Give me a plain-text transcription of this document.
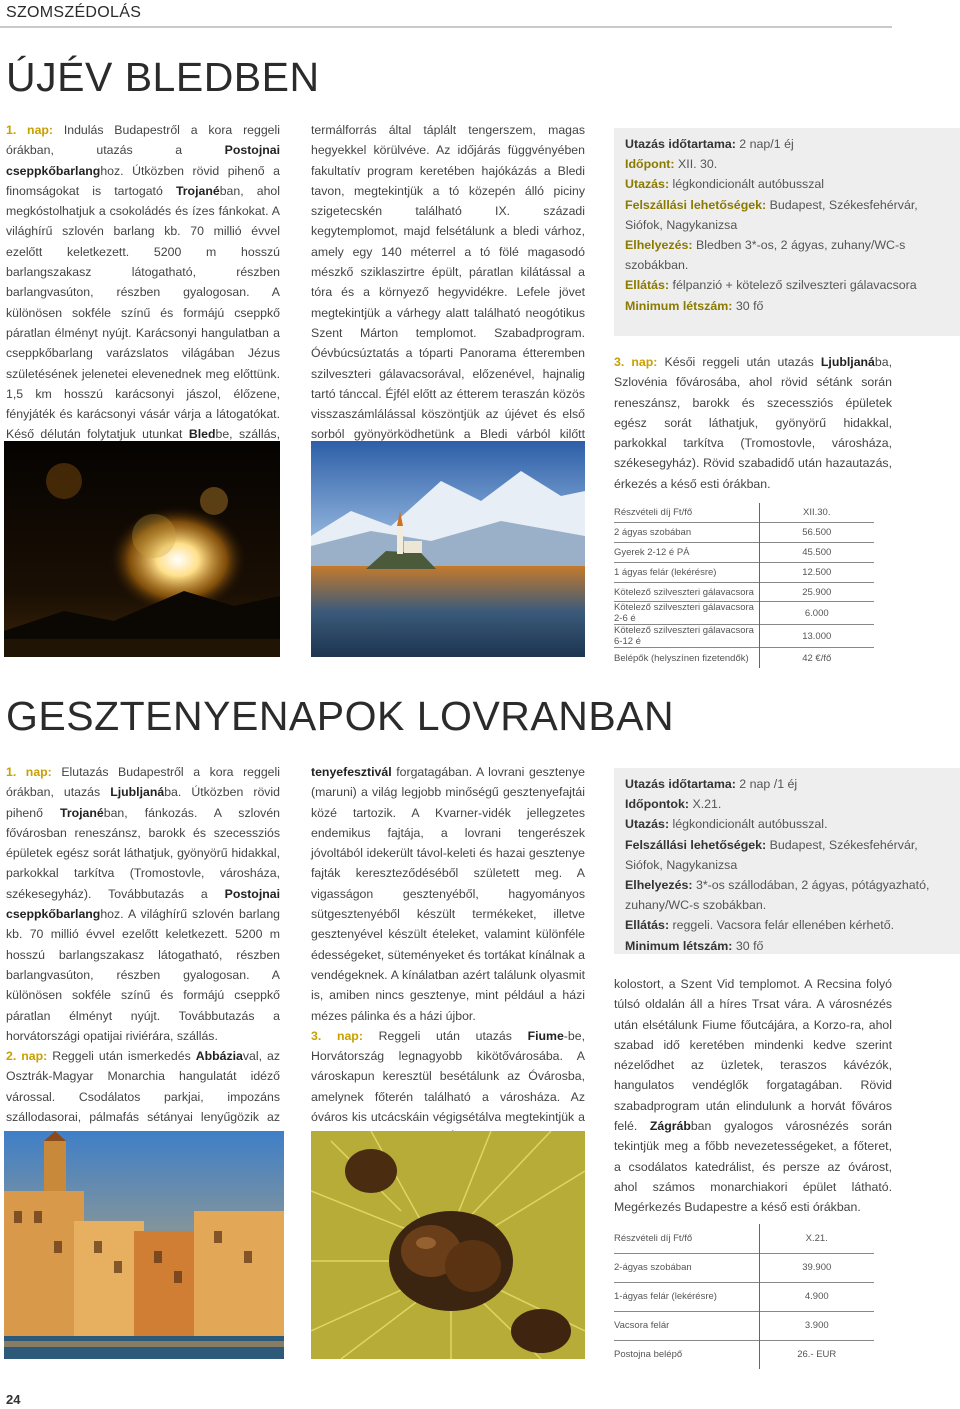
SZOMSZÉDOLÁS
ÚJÉV BLEDBEN

1. nap: Indulás Budapestről a kora reggeli órákban, utazás a Postojnai cseppkőbarlanghoz. Útközben rövid pihenő a finomságokat is tartogató Trojanéban, ahol megkóstolhatjuk a csokoládés és ízes fánkokat. A világhírű szlovén barlang kb. 70 millió évvel ezelőtt keletkezett. 5200 m hosszú barlangszakasz látogatható, részben barlangvasúton, részben gyalogosan. A különösen sokféle színű és formájú cseppkő páratlan élményt nyújt. Karácsonyi hangulatban a cseppkőbarlang varázslatos világában Jézus születésének jelenetei elevenednek meg előttünk. 1,5 km hosszú karácsonyi jászol, élőzene, fényjáték és karácsonyi vásár várja a látogatókat. Késő délután folytatjuk utunkat Bledbe, szállás,

termálforrás által táplált tengerszem, magas hegyekkel körülvéve. Az időjárás függvényében fakultatív program keretében hajókázás a Bledi tavon, megtekintjük a tó közepén álló piciny szigetecskén található IX. századi kegytemplomot, majd felsétálunk a bledi várhoz, amely egy 140 méterrel a tó fölé magasodó mészkő sziklaszirtre épült, páratlan kilátással a tóra és a környező hegyvidékre. Lefele jövet megtekintjük a várhegy alatt található neogótikus Szent Márton templomot. Szabadprogram. Óévbúcsúztatás a tóparti Panorama étteremben szilveszteri gálavacsorával, előzenével, hajnalig tartó tánccal. Éjfél előtt az étterem teraszán közös visszaszámlálással köszöntjük az újévet és első sorból gyönyörködhetünk a Bledi várból kilőtt

Utazás időtartama: 2 nap/1 éj
Időpont: XII. 30.
Utazás: légkondicionált autóbusszal
Felszállási lehetőségek: Budapest, Székesfehérvár, Siófok, Nagykanizsa
Elhelyezés: Bledben 3*-os, 2 ágyas, zuhany/WC-s szobákban.
Ellátás: félpanzió + kötelező szilveszteri gálavacsora
Minimum létszám: 30 fő

3. nap: Késői reggeli után utazás Ljubljanába, Szlovénia fővárosába, ahol rövid sétánk során reneszánsz, barokk és szecessziós épületek egész sorát láthatjuk, gyönyörű hidakkal, parkokkal tarkítva (Tromostovle, városháza, székesegyház). Rövid szabadidő után hazautazás, érkezés a késő esti órákban.

Részvételi díj Ft/fő	XII.30.
2 ágyas szobában	56.500
Gyerek 2-12 é PÁ	45.500
1 ágyas felár (lekérésre)	12.500
Kötelező szilveszteri gálavacsora	25.900
Kötelező szilveszteri gálavacsora 2-6 é	6.000
Kötelező szilveszteri gálavacsora 6-12 é	13.000
Belépők (helyszínen fizetendők)	42 €/fő
GESZTENYENAPOK LOVRANBAN

1. nap: Elutazás Budapestről a kora reggeli órákban, utazás Ljubljanába. Útközben rövid pihenő Trojanéban, fánkozás. A szlovén fővárosban reneszánsz, barokk és szecessziós épületek egész sorát láthatjuk, gyönyörű hidakkal, parkokkal tarkítva (Tromostovle, városháza, székesegyház). Továbbutazás a Postojnai cseppkőbarlanghoz. A világhírű szlovén barlang kb. 70 millió évvel ezelőtt keletkezett. 5200 m hosszú barlangszakasz látogatható, részben barlangvasúton, részben gyalogosan. A különösen sokféle színű és formájú cseppkő páratlan élményt nyújt. Továbbutazás a horvátországi opatijai riviérára, szállás.

2. nap: Reggeli után ismerkedés Abbáziaval, az Osztrák-Magyar Monarchia hangulatát idéző várossal. Csodálatos parkjai, impozáns szállodasorai, pálmafás sétányai lenyűgözik az

tenyefesztivál forgatagában. A lovrani gesztenye (maruni) a világ legjobb minőségű gesztenyefajtái közé tartozik. A Kvarner-vidék jellegzetes endemikus fajtája, a lovrani tengerészek jóvoltából idekerült távol-keleti és hazai gesztenye fajták kereszteződéséből született meg. A vigasságon gesztenyéből, hagyományos sütgesztenyéből készült termékeket, illetve gesztenyével készült ételeket, valamint különféle édességeket, süteményeket és tortákat kínálnak a vendégeknek. A kínálatban azért találunk olyasmit is, amiben nincs gesztenye, mint például a házi mézes pálinka és a házi újbor.

3. nap: Reggeli után utazás Fiume-be, Horvátország legnagyobb kikötővárosába. A városkapun keresztül besétálunk az Óvárosba, amelynek főterén található a városháza. Az óváros kis utcácskáin végigsétálva megtekintjük a

Utazás időtartama: 2 nap /1 éj
Időpontok: X.21.
Utazás: légkondicionált autóbusszal.
Felszállási lehetőségek: Budapest, Székesfehérvár, Siófok, Nagykanizsa
Elhelyezés: 3*-os szállodában, 2 ágyas, pótágyazható, zuhany/WC-s szobákban.
Ellátás: reggeli. Vacsora felár ellenében kérhető.
Minimum létszám: 30 fő

kolostort, a Szent Vid templomot. A Recsina folyó túlsó oldalán áll a híres Trsat vára. A városnézés után elsétálunk Fiume főutcájára, a Korzo-ra, ahol szabad idő keretében mindenki kedve szerint nézelődhet az üzletek, teraszos kávézók, hangulatos vendéglők forgatagában. Rövid szabadprogram után elindulunk a horvát főváros felé. Zágrábban gyalogos városnézés során tekintjük meg a főbb nevezetességeket, a főteret, a csodálatos katedrálist, és persze az óvárost, ahol számos monarchiakori épület látható. Megérkezés Budapestre a késő esti órákban.

Részvételi díj Ft/fő	X.21.
2-ágyas szobában	39.900
1-ágyas felár (lekérésre)	4.900
Vacsora felár	3.900
Postojna belépő	26.- EUR
24
